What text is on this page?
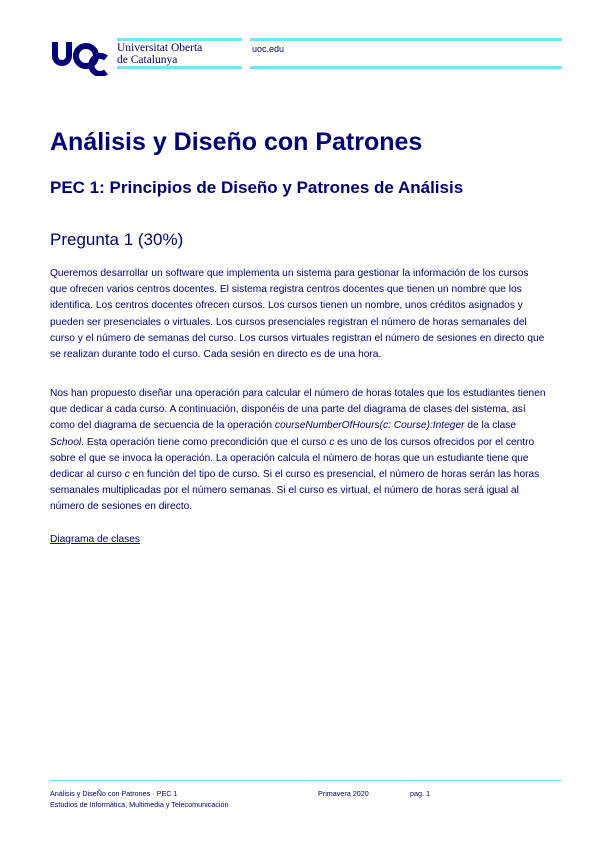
Universitat Oberta
de Catalunya
uoc.edu
Análisis y Diseño con Patrones
PEC 1: Principios de Diseño y Patrones de Análisis
Pregunta 1 (30%)

Queremos desarrollar un software que implementa un sistema para gestionar la información de los cursos que ofrecen varios centros docentes. El sistema registra centros docentes que tienen un nombre que los identifica. Los centros docentes ofrecen cursos. Los cursos tienen un nombre, unos créditos asignados y pueden ser presenciales o virtuales. Los cursos presenciales registran el número de horas semanales del curso y el número de semanas del curso. Los cursos virtuales registran el número de sesiones en directo que se realizan durante todo el curso. Cada sesión en directo es de una hora.

Nos han propuesto diseñar una operación para calcular el número de horas totales que los estudiantes tienen que dedicar a cada curso. A continuación, disponéis de una parte del diagrama de clases del sistema, así como del diagrama de secuencia de la operación courseNumberOfHours(c: Course):Integer de la clase School. Esta operación tiene como precondición que el curso c es uno de los cursos ofrecidos por el centro sobre el que se invoca la operación. La operación calcula el número de horas que un estudiante tiene que dedicar al curso c en función del tipo de curso. Si el curso es presencial, el número de horas serán las horas semanales multiplicadas por el número semanas. Si el curso es virtual, el número de horas será igual al número de sesiones en directo.

Diagrama de clases
Análisis y DiseÑo con Patrones · PEC 1
Estudios de Informática, Multimedia y Telecomunicación
Primavera 2020	pag. 1
